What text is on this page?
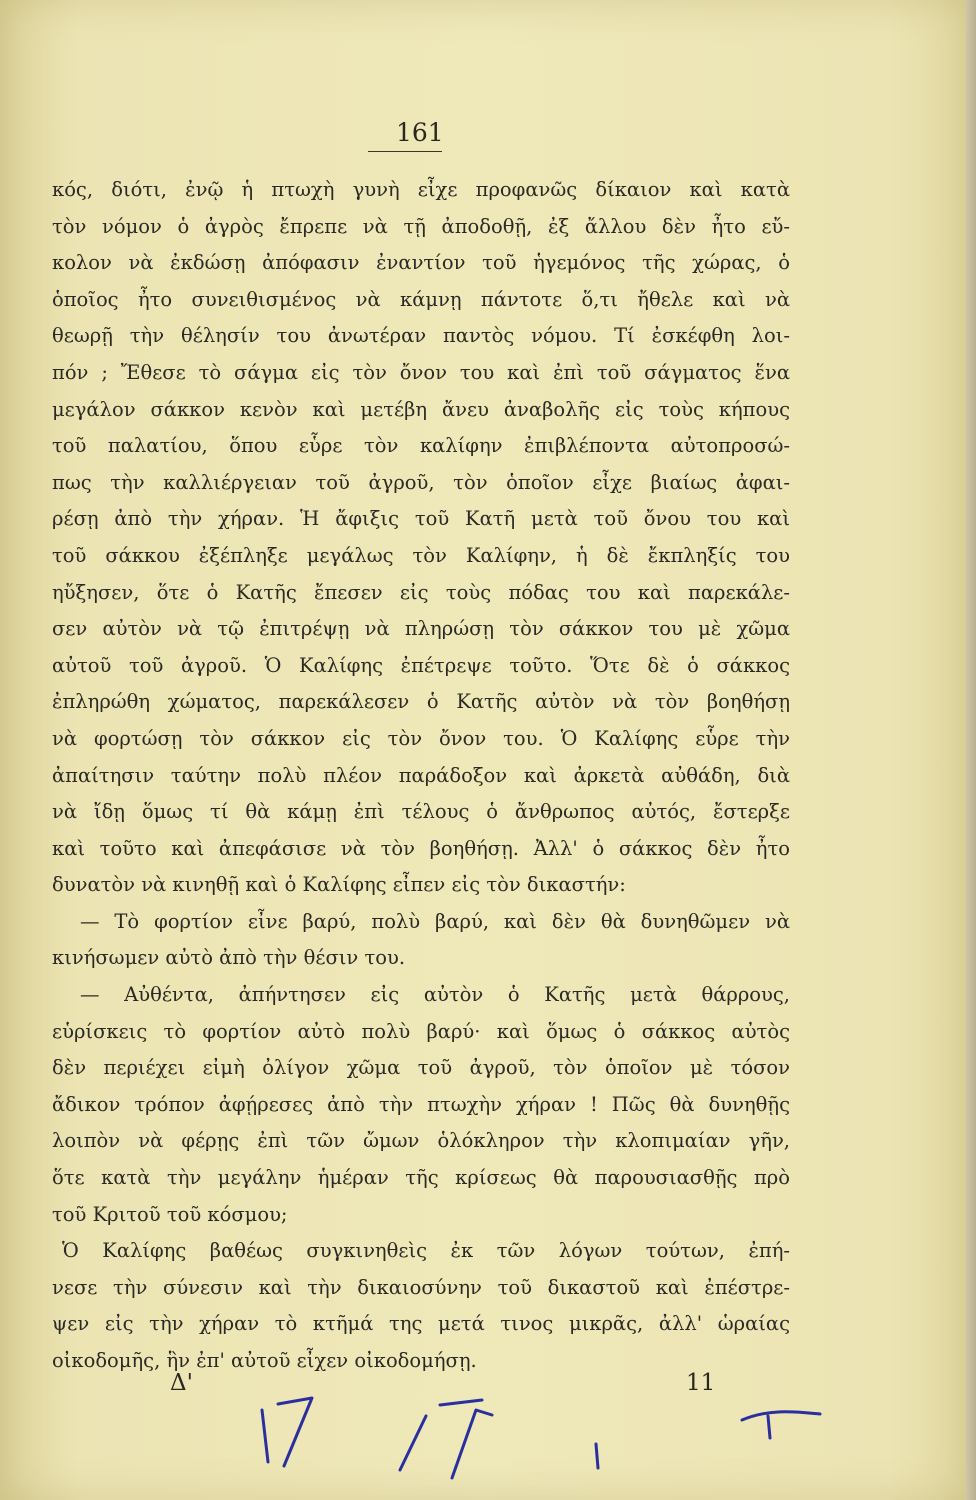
161
κός, διότι, ἐνῷ ἡ πτωχὴ γυνὴ εἶχε προφανῶς δίκαιον καὶ κατὰ
τὸν νόμον ὁ ἀγρὸς ἔπρεπε νὰ τῇ ἀποδοθῇ, ἐξ ἄλλου δὲν ἦτο εὔ-
κολον νὰ ἐκδώσῃ ἀπόφασιν ἐναντίον τοῦ ἡγεμόνος τῆς χώρας, ὁ
ὁποῖος ἦτο συνειθισμένος νὰ κάμνῃ πάντοτε ὅ,τι ἤθελε καὶ νὰ
θεωρῇ τὴν θέλησίν του ἀνωτέραν παντὸς νόμου. Τί ἐσκέφθη λοι-
πόν ; Ἔθεσε τὸ σάγμα εἰς τὸν ὄνον του καὶ ἐπὶ τοῦ σάγματος ἕνα
μεγάλον σάκκον κενὸν καὶ μετέβη ἄνευ ἀναβολῆς εἰς τοὺς κήπους
τοῦ παλατίου, ὅπου εὗρε τὸν καλίφην ἐπιβλέποντα αὐτοπροσώ-
πως τὴν καλλιέργειαν τοῦ ἀγροῦ, τὸν ὁποῖον εἶχε βιαίως ἀφαι-
ρέσῃ ἀπὸ τὴν χήραν. Ἡ ἄφιξις τοῦ Κατῆ μετὰ τοῦ ὄνου του καὶ
τοῦ σάκκου ἐξέπληξε μεγάλως τὸν Καλίφην, ἡ δὲ ἔκπληξίς του
ηὔξησεν, ὅτε ὁ Κατῆς ἔπεσεν εἰς τοὺς πόδας του καὶ παρεκάλε-
σεν αὐτὸν νὰ τῷ ἐπιτρέψῃ νὰ πληρώσῃ τὸν σάκκον του μὲ χῶμα
αὐτοῦ τοῦ ἀγροῦ. Ὁ Καλίφης ἐπέτρεψε τοῦτο. Ὅτε δὲ ὁ σάκκος
ἐπληρώθη χώματος, παρεκάλεσεν ὁ Κατῆς αὐτὸν νὰ τὸν βοηθήσῃ
νὰ φορτώσῃ τὸν σάκκον εἰς τὸν ὄνον του. Ὁ Καλίφης εὗρε τὴν
ἀπαίτησιν ταύτην πολὺ πλέον παράδοξον καὶ ἀρκετὰ αὐθάδη, διὰ
νὰ ἴδῃ ὅμως τί θὰ κάμῃ ἐπὶ τέλους ὁ ἄνθρωπος αὐτός, ἔστερξε
καὶ τοῦτο καὶ ἀπεφάσισε νὰ τὸν βοηθήσῃ. Ἀλλ' ὁ σάκκος δὲν ἦτο
δυνατὸν νὰ κινηθῇ καὶ ὁ Καλίφης εἶπεν εἰς τὸν δικαστήν:
— Τὸ φορτίον εἶνε βαρύ, πολὺ βαρύ, καὶ δὲν θὰ δυνηθῶμεν νὰ
κινήσωμεν αὐτὸ ἀπὸ τὴν θέσιν του.
— Αὐθέντα, ἀπήντησεν εἰς αὐτὸν ὁ Κατῆς μετὰ θάρρους,
εὑρίσκεις τὸ φορτίον αὐτὸ πολὺ βαρύ· καὶ ὅμως ὁ σάκκος αὐτὸς
δὲν περιέχει εἰμὴ ὀλίγον χῶμα τοῦ ἀγροῦ, τὸν ὁποῖον μὲ τόσον
ἄδικον τρόπον ἀφῄρεσες ἀπὸ τὴν πτωχὴν χήραν ! Πῶς θὰ δυνηθῇς
λοιπὸν νὰ φέρῃς ἐπὶ τῶν ὤμων ὁλόκληρον τὴν κλοπιμαίαν γῆν,
ὅτε κατὰ τὴν μεγάλην ἡμέραν τῆς κρίσεως θὰ παρουσιασθῇς πρὸ
τοῦ Κριτοῦ τοῦ κόσμου;
Ὁ Καλίφης βαθέως συγκινηθεὶς ἐκ τῶν λόγων τούτων, ἐπή-
νεσε τὴν σύνεσιν καὶ τὴν δικαιοσύνην τοῦ δικαστοῦ καὶ ἐπέστρε-
ψεν εἰς τὴν χήραν τὸ κτῆμά της μετά τινος μικρᾶς, ἀλλ' ὡραίας
οἰκοδομῆς, ἣν ἐπ' αὐτοῦ εἶχεν οἰκοδομήσῃ.
Δ'	11
